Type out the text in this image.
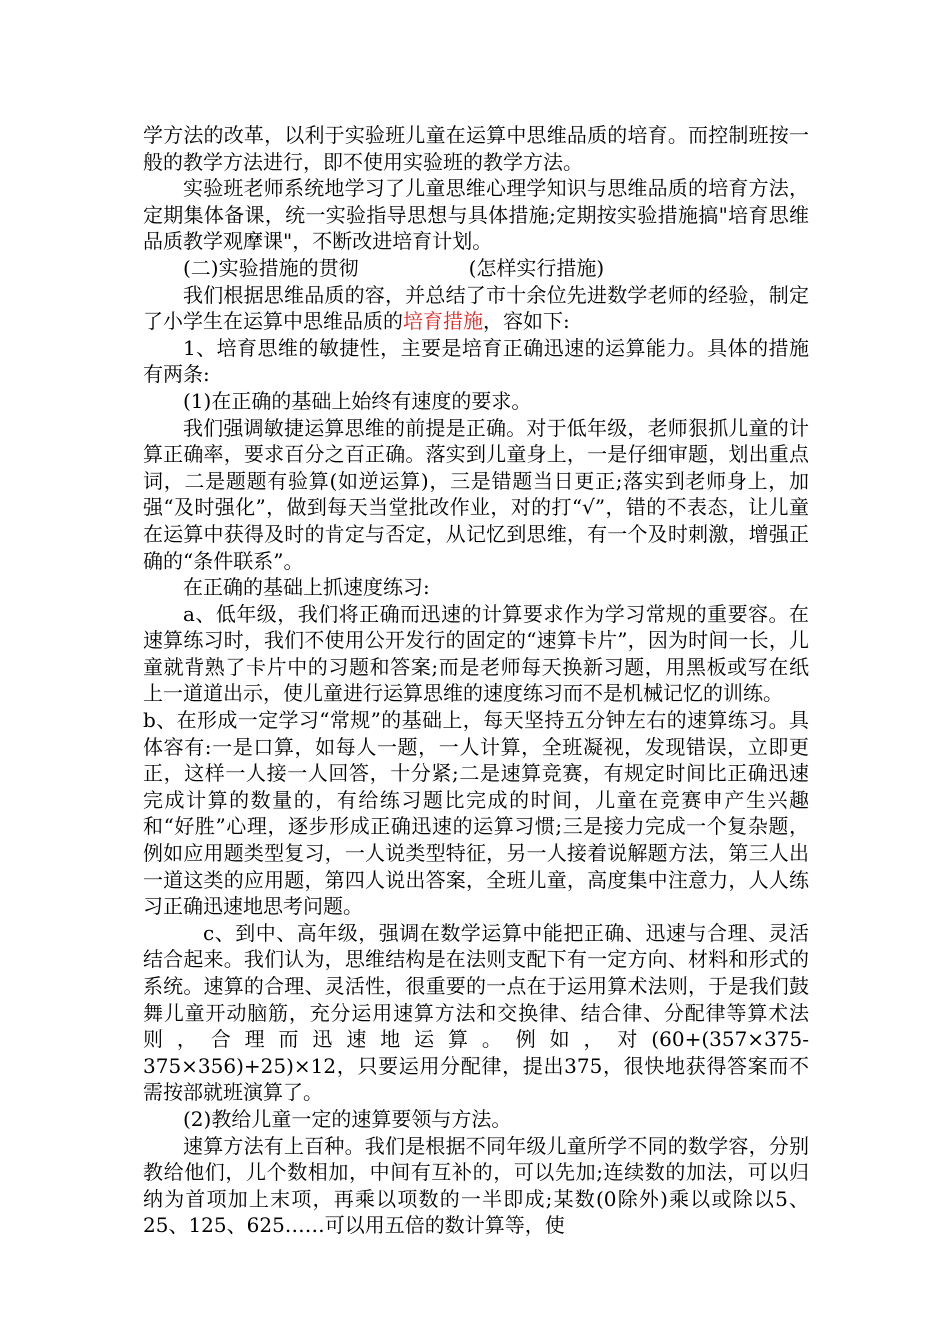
学方法的改革，以利于实验班儿童在运算中思维品质的培育。而控制班按一般的教学方法进行，即不使用实验班的教学方法。

实验班老师系统地学习了儿童思维心理学知识与思维品质的培育方法，定期集体备课，统一实验指导思想与具体措施;定期按实验措施搞"培育思维品质教学观摩课"，不断改进培育计划。

(二)实验措施的贯彻	(怎样实行措施)

我们根据思维品质的容，并总结了市十余位先进数学老师的经验，制定了小学生在运算中思维品质的培育措施，容如下:

1、培育思维的敏捷性，主要是培育正确迅速的运算能力。具体的措施有两条:

(1)在正确的基础上始终有速度的要求。

我们强调敏捷运算思维的前提是正确。对于低年级，老师狠抓儿童的计算正确率，要求百分之百正确。落实到儿童身上，一是仔细审题，划出重点词，二是题题有验算(如逆运算)，三是错题当日更正;落实到老师身上，加强“及时强化”，做到每天当堂批改作业，对的打“√”，错的不表态，让儿童在运算中获得及时的肯定与否定，从记忆到思维，有一个及时刺激，增强正确的“条件联系”。

在正确的基础上抓速度练习:

a、低年级，我们将正确而迅速的计算要求作为学习常规的重要容。在速算练习时，我们不使用公开发行的固定的“速算卡片”，因为时间一长，儿童就背熟了卡片中的习题和答案;而是老师每天换新习题，用黑板或写在纸上一道道出示，使儿童进行运算思维的速度练习而不是机械记忆的训练。

b、在形成一定学习“常规”的基础上，每天坚持五分钟左右的速算练习。具体容有:一是口算，如每人一题，一人计算，全班凝视，发现错误，立即更正，这样一人接一人回答，十分紧;二是速算竞赛，有规定时间比正确迅速完成计算的数量的，有给练习题比完成的时间，儿童在竞赛申产生兴趣和“好胜”心理，逐步形成正确迅速的运算习惯;三是接力完成一个复杂题，例如应用题类型复习，一人说类型特征，另一人接着说解题方法，第三人出一道这类的应用题，第四人说出答案，全班儿童，高度集中注意力，人人练习正确迅速地思考问题。

c、到中、高年级，强调在数学运算中能把正确、迅速与合理、灵活结合起来。我们认为，思维结构是在法则支配下有一定方向、材料和形式的系统。速算的合理、灵活性，很重要的一点在于运用算术法则，于是我们鼓舞儿童开动脑筋，充分运用速算方法和交换律、结合律、分配律等算术法则，合理而迅速地运算。例如，对(60+(357×375-375×356)+25)×12，只要运用分配律，提出375，很快地获得答案而不需按部就班演算了。

(2)教给儿童一定的速算要领与方法。

速算方法有上百种。我们是根据不同年级儿童所学不同的数学容，分别教给他们，儿个数相加，中间有互补的，可以先加;连续数的加法，可以归纳为首项加上末项，再乘以项数的一半即成;某数(0除外)乘以或除以5、25、125、625……可以用五倍的数计算等，使
